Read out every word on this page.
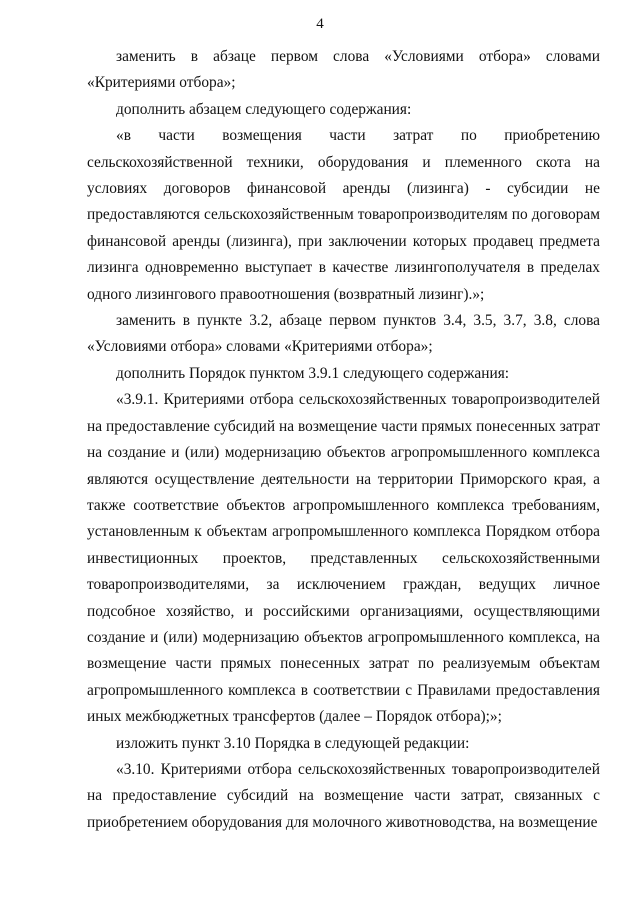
4

заменить в абзаце первом слова «Условиями отбора» словами «Критериями отбора»;

дополнить абзацем следующего содержания:

«в части возмещения части затрат по приобретению сельскохозяйственной техники, оборудования и племенного скота на условиях договоров финансовой аренды (лизинга) - субсидии не предоставляются сельскохозяйственным товаропроизводителям по договорам финансовой аренды (лизинга), при заключении которых продавец предмета лизинга одновременно выступает в качестве лизингополучателя в пределах одного лизингового правоотношения (возвратный лизинг).»;

заменить в пункте 3.2, абзаце первом пунктов 3.4, 3.5, 3.7, 3.8, слова «Условиями отбора» словами «Критериями отбора»;

дополнить Порядок пунктом 3.9.1 следующего содержания:

«3.9.1. Критериями отбора сельскохозяйственных товаропроизводителей на предоставление субсидий на возмещение части прямых понесенных затрат на создание и (или) модернизацию объектов агропромышленного комплекса являются осуществление деятельности на территории Приморского края, а также соответствие объектов агропромышленного комплекса требованиям, установленным к объектам агропромышленного комплекса Порядком отбора инвестиционных проектов, представленных сельскохозяйственными товаропроизводителями, за исключением граждан, ведущих личное подсобное хозяйство, и российскими организациями, осуществляющими создание и (или) модернизацию объектов агропромышленного комплекса, на возмещение части прямых понесенных затрат по реализуемым объектам агропромышленного комплекса в соответствии с Правилами предоставления иных межбюджетных трансфертов (далее – Порядок отбора);»;

изложить пункт 3.10 Порядка в следующей редакции:

«3.10. Критериями отбора сельскохозяйственных товаропроизводителей на предоставление субсидий на возмещение части затрат, связанных с приобретением оборудования для молочного животноводства, на возмещение
